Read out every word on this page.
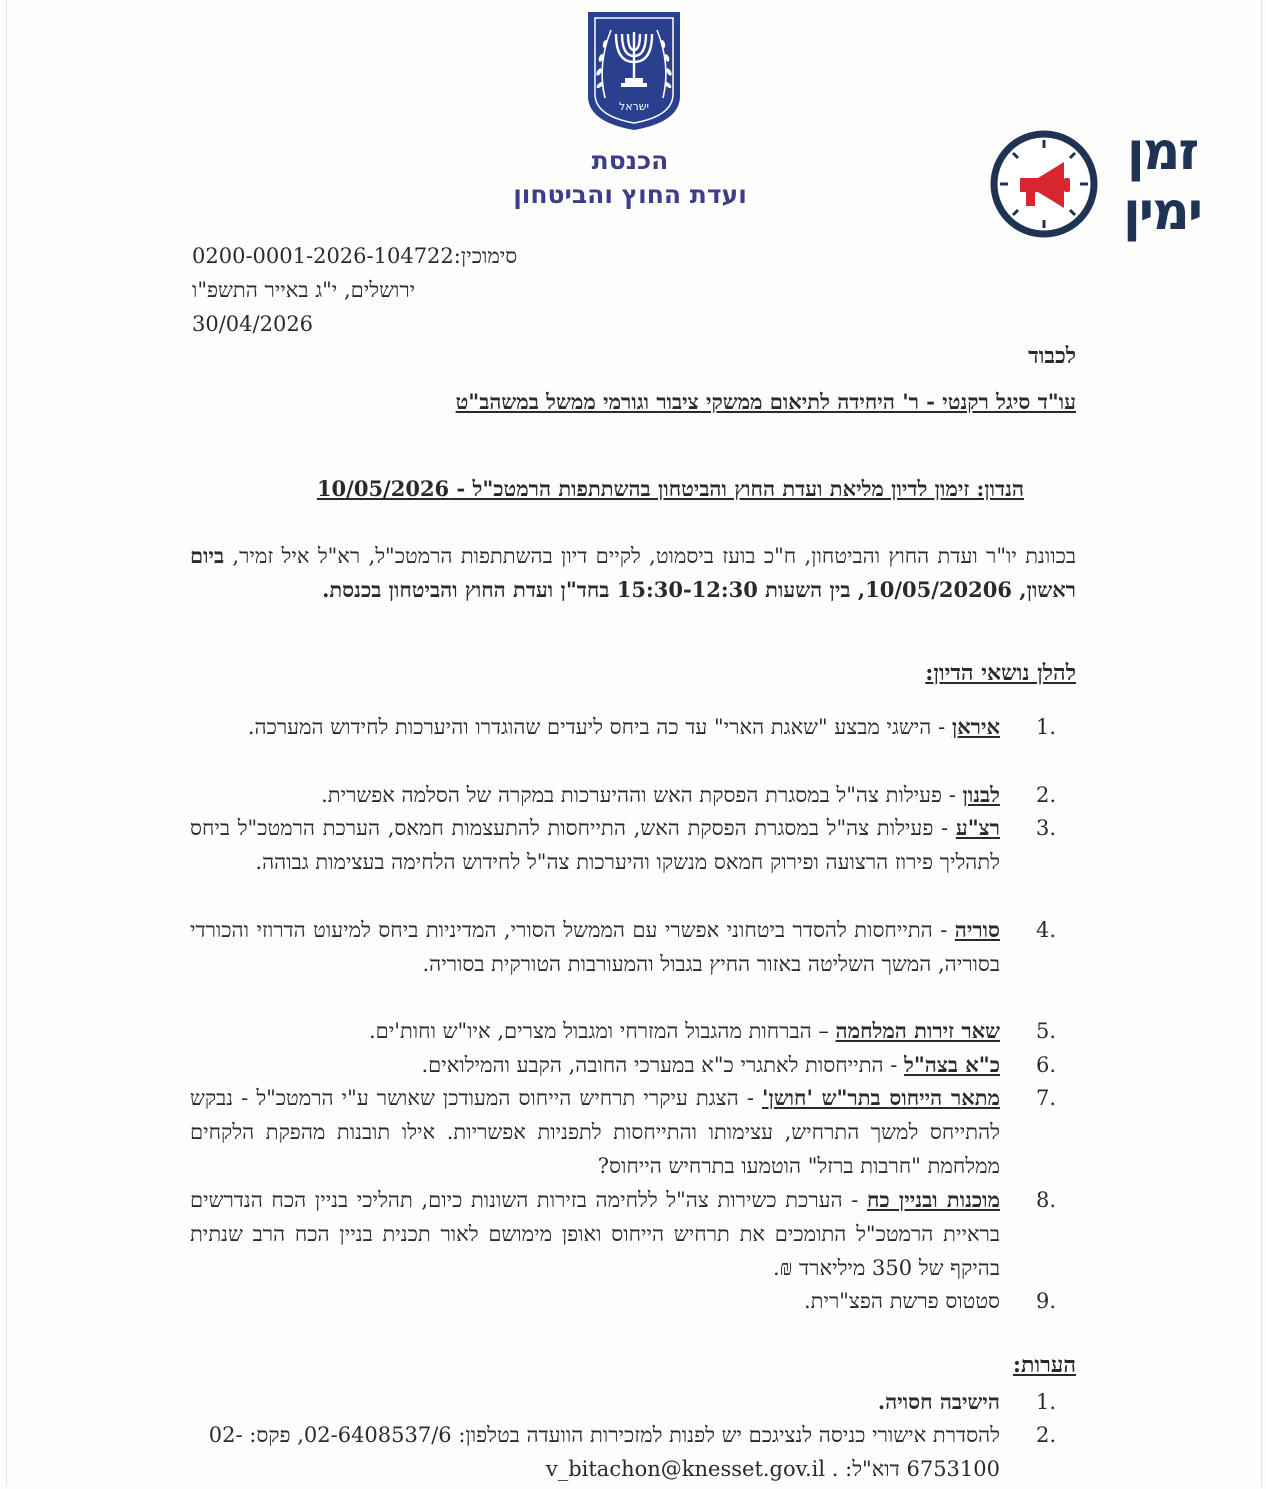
ישראל
הכנסת
ועדת החוץ והביטחון
זמן
ימין
0200-0001-2026-104722:סימוכין
ירושלים, י"ג באייר התשפ"ו
30/04/2026
לכבוד
עו"ד סיגל רקנטי - ר' היחידה לתיאום ממשקי ציבור וגורמי ממשל במשהב"ט
הנדון: זימון לדיון מליאת ועדת החוץ והביטחון בהשתתפות הרמטכ"ל - 10/05/2026
בכוונת יו"ר ועדת החוץ והביטחון, ח"כ בועז ביסמוט, לקיים דיון בהשתתפות הרמטכ"ל, רא"ל איל זמיר, ביום ראשון, 10/05/20206, בין השעות 15:30-12:30 בחד"ן ועדת החוץ והביטחון בכנסת.
להלן נושאי הדיון:
.1
איראן - הישגי מבצע "שאגת הארי" עד כה ביחס ליעדים שהוגדרו והיערכות לחידוש המערכה.
.2
לבנון - פעילות צה"ל במסגרת הפסקת האש וההיערכות במקרה של הסלמה אפשרית.
.3
רצ"ע - פעילות צה"ל במסגרת הפסקת האש, התייחסות להתעצמות חמאס, הערכת הרמטכ"ל ביחס לתהליך פירוז הרצועה ופירוק חמאס מנשקו והיערכות צה"ל לחידוש הלחימה בעצימות גבוהה.
.4
סוריה - התייחסות להסדר ביטחוני אפשרי עם הממשל הסורי, המדיניות ביחס למיעוט הדרוזי והכורדי בסוריה, המשך השליטה באזור החיץ בגבול והמעורבות הטורקית בסוריה.
.5
שאר זירות המלחמה – הברחות מהגבול המזרחי ומגבול מצרים, איו"ש וחות'ים.
.6
כ"א בצה"ל - התייחסות לאתגרי כ"א במערכי החובה, הקבע והמילואים.
.7
מתאר הייחוס בתר"ש 'חושן' - הצגת עיקרי תרחיש הייחוס המעודכן שאושר ע"י הרמטכ"ל - נבקש להתייחס למשך התרחיש, עצימותו והתייחסות לתפניות אפשריות. אילו תובנות מהפקת הלקחים ממלחמת "חרבות ברזל" הוטמעו בתרחיש הייחוס?
.8
מוכנות ובניין כח - הערכת כשירות צה"ל ללחימה בזירות השונות כיום, תהליכי בניין הכח הנדרשים בראיית הרמטכ"ל התומכים את תרחיש הייחוס ואופן מימושם לאור תכנית בניין הכח הרב שנתית בהיקף של 350 מיליארד ₪.
.9
סטטוס פרשת הפצ"רית.
הערות:
.1
הישיבה חסויה.
.2
להסדרת אישורי כניסה לנציגכם יש לפנות למזכירות הוועדה בטלפון: 02-6408537/6, פקס: 02-6753100 דוא"ל: . v_bitachon@knesset.gov.il
